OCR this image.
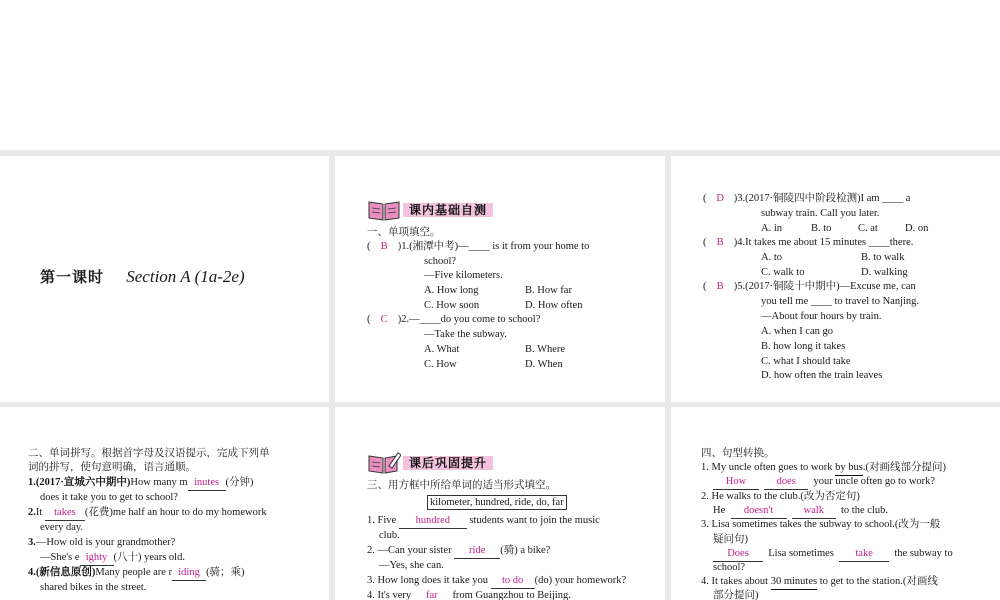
第一课时 Section A (1a-2e)
课内基础自测
一、单项填空。
( B )1.(湘潭中考)—____ is it from your home to
school?
—Five kilometers.
A. How long	B. How far
C. How soon	D. How often
( C )2.—____do you come to school?
—Take the subway.
A. What	B. Where
C. How	D. When
( D )3.(2017·铜陵四中阶段检测)I am ____ a
subway train. Call you later.
A. in	B. to	C. at	D. on
( B )4.It takes me about 15 minutes ____there.
A. to	B. to walk
C. walk to	D. walking
( B )5.(2017·铜陵十中期中)—Excuse me, can
you tell me ____ to travel to Nanjing.
—About four hours by train.
A. when I can go
B. how long it takes
C. what I should take
D. how often the train leaves
二、单词拼写。根据首字母及汉语提示，完成下列单
词的拼写，使句意明确，语言通顺。
1.(2017·宣城六中期中)How many m inutes (分钟)
does it take you to get to school?
2.It takes (花费)me half an hour to do my homework
every day.
3.—How old is your grandmother?
—She's e ighty (八十) years old.
4.(新信息原创)Many people are r iding (骑；乘)
shared bikes in the street.
课后巩固提升
三、用方框中所给单词的适当形式填空。
kilometer, hundred, ride, do, far
1. Five hundred students want to join the music
club.
2. —Can your sister ride (骑) a bike?
—Yes, she can.
3. How long does it take you to do (do) your homework?
4. It's very far from Guangzhou to Beijing.
四、句型转换。
1. My uncle often goes to work by bus.(对画线部分提问)
How	does your uncle often go to work?
2. He walks to the club.(改为否定句)
He doesn't	walk to the club.
3. Lisa sometimes takes the subway to school.(改为一般
疑问句)
Does Lisa sometimes take the subway to
school?
4. It takes about 30 minutes to get to the station.(对画线
部分提问)
